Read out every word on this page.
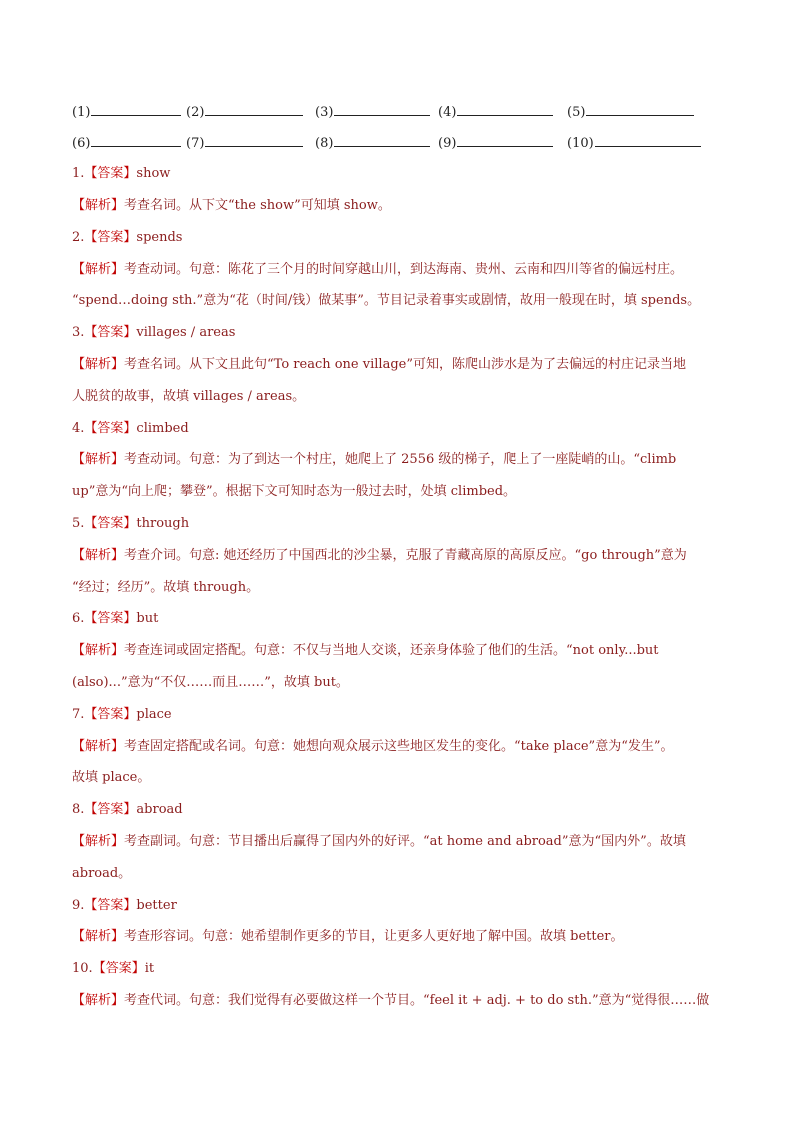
(1)	(2)	(3)	(4)	(5)
(6)	(7)	(8)	(9)	(10)
1.【答案】show
【解析】考查名词。从下文“the show”可知填 show。
2.【答案】spends
【解析】考查动词。句意：陈花了三个月的时间穿越山川，到达海南、贵州、云南和四川等省的偏远村庄。
“spend…doing sth.”意为“花（时间/钱）做某事”。节目记录着事实或剧情，故用一般现在时，填 spends。
3.【答案】villages / areas
【解析】考查名词。从下文且此句“To reach one village”可知，陈爬山涉水是为了去偏远的村庄记录当地
人脱贫的故事，故填 villages / areas。
4.【答案】climbed
【解析】考查动词。句意：为了到达一个村庄，她爬上了 2556 级的梯子，爬上了一座陡峭的山。“climb
up”意为“向上爬；攀登”。根据下文可知时态为一般过去时，处填 climbed。
5.【答案】through
【解析】考查介词。句意: 她还经历了中国西北的沙尘暴，克服了青藏高原的高原反应。“go through”意为
“经过；经历”。故填 through。
6.【答案】but
【解析】考查连词或固定搭配。句意：不仅与当地人交谈，还亲身体验了他们的生活。“not only...but
(also)...”意为“不仅……而且……”，故填 but。
7.【答案】place
【解析】考查固定搭配或名词。句意：她想向观众展示这些地区发生的变化。“take place”意为“发生”。
故填 place。
8.【答案】abroad
【解析】考查副词。句意：节目播出后赢得了国内外的好评。“at home and abroad”意为“国内外”。故填
abroad。
9.【答案】better
【解析】考查形容词。句意：她希望制作更多的节目，让更多人更好地了解中国。故填 better。
10.【答案】it
【解析】考查代词。句意：我们觉得有必要做这样一个节目。“feel it + adj. + to do sth.”意为“觉得很……做
